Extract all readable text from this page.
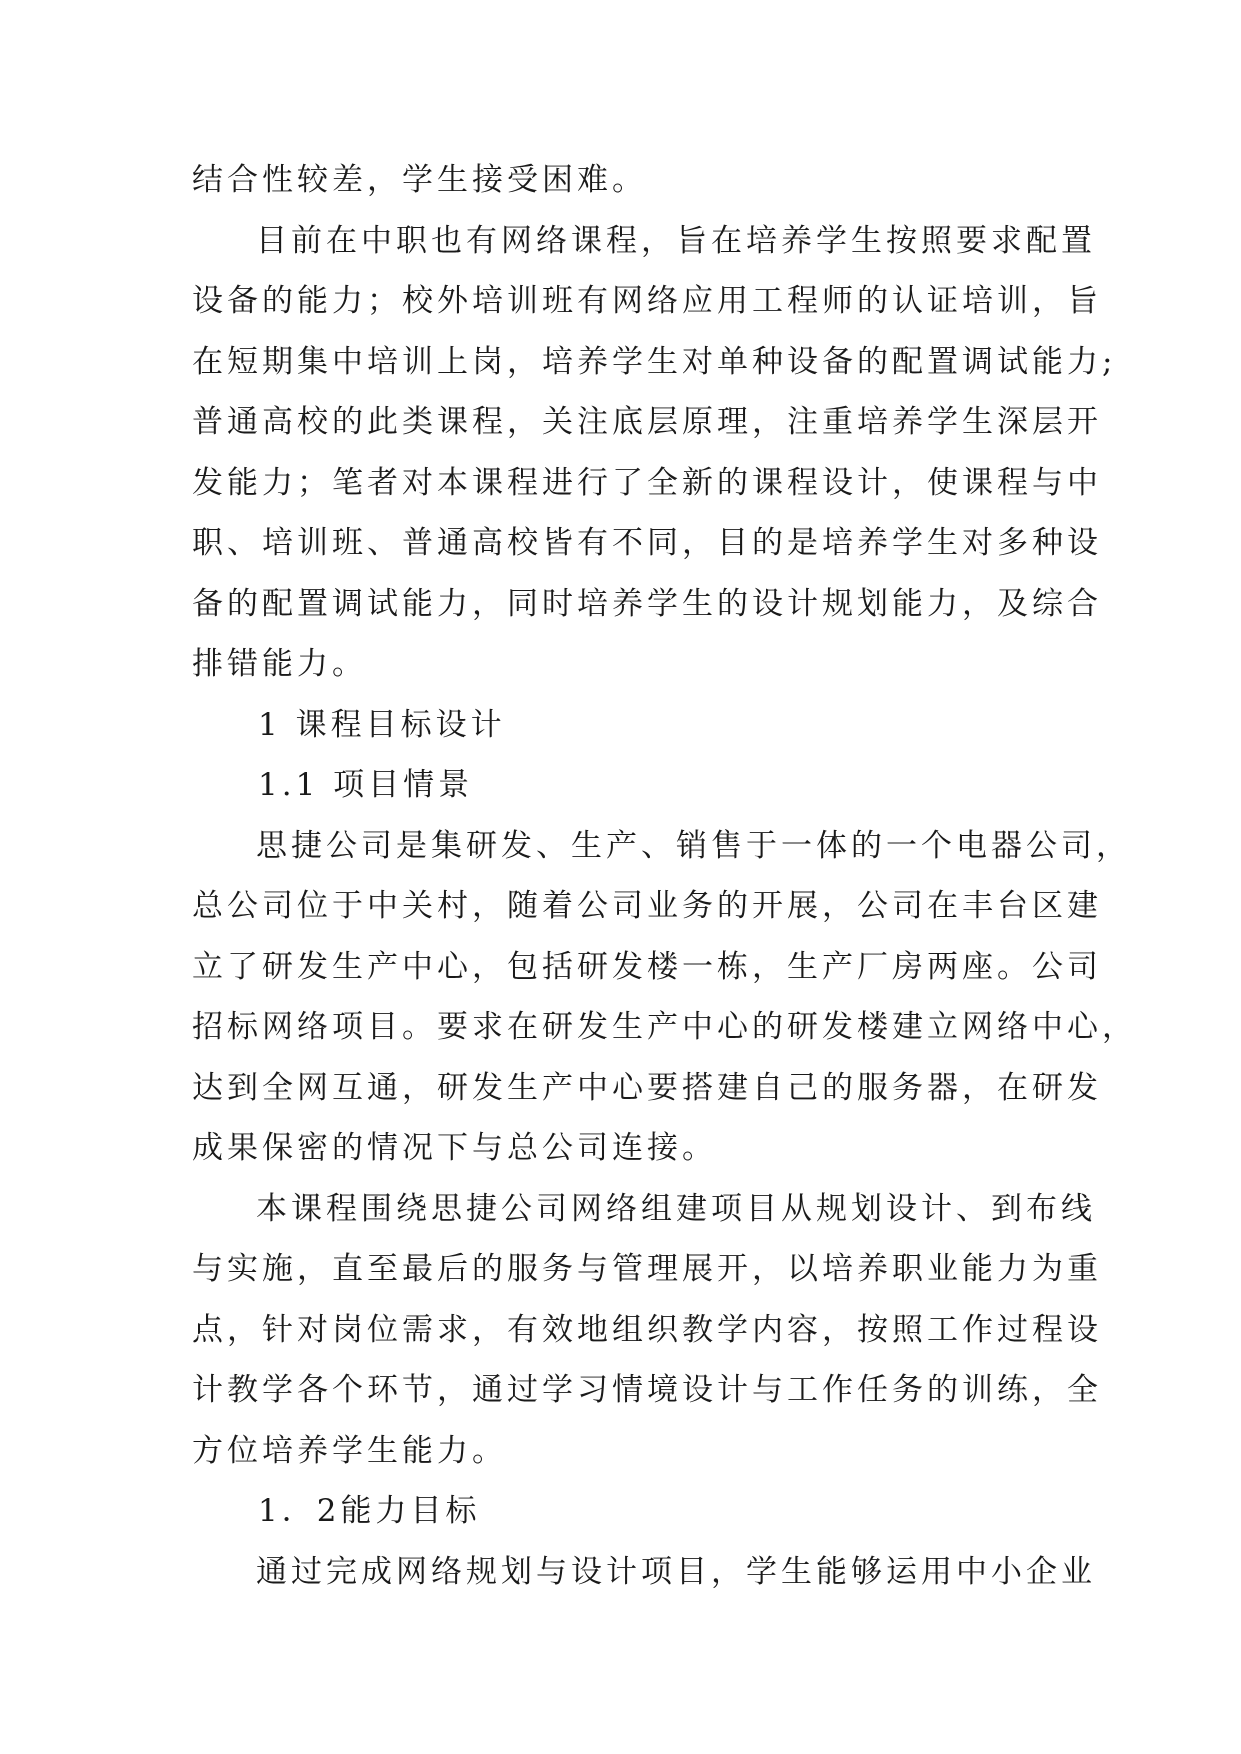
结合性较差，学生接受困难。
目前在中职也有网络课程，旨在培养学生按照要求配置
设备的能力；校外培训班有网络应用工程师的认证培训，旨
在短期集中培训上岗，培养学生对单种设备的配置调试能力;
普通高校的此类课程，关注底层原理，注重培养学生深层开
发能力；笔者对本课程进行了全新的课程设计，使课程与中
职、培训班、普通高校皆有不同，目的是培养学生对多种设
备的配置调试能力，同时培养学生的设计规划能力，及综合
排错能力。
1 课程目标设计
1.1 项目情景
思捷公司是集研发、生产、销售于一体的一个电器公司，
总公司位于中关村，随着公司业务的开展，公司在丰台区建
立了研发生产中心，包括研发楼一栋，生产厂房两座。公司
招标网络项目。要求在研发生产中心的研发楼建立网络中心，
达到全网互通，研发生产中心要搭建自己的服务器，在研发
成果保密的情况下与总公司连接。
本课程围绕思捷公司网络组建项目从规划设计、到布线
与实施，直至最后的服务与管理展开，以培养职业能力为重
点，针对岗位需求，有效地组织教学内容，按照工作过程设
计教学各个环节，通过学习情境设计与工作任务的训练，全
方位培养学生能力。
1．2能力目标
通过完成网络规划与设计项目，学生能够运用中小企业
